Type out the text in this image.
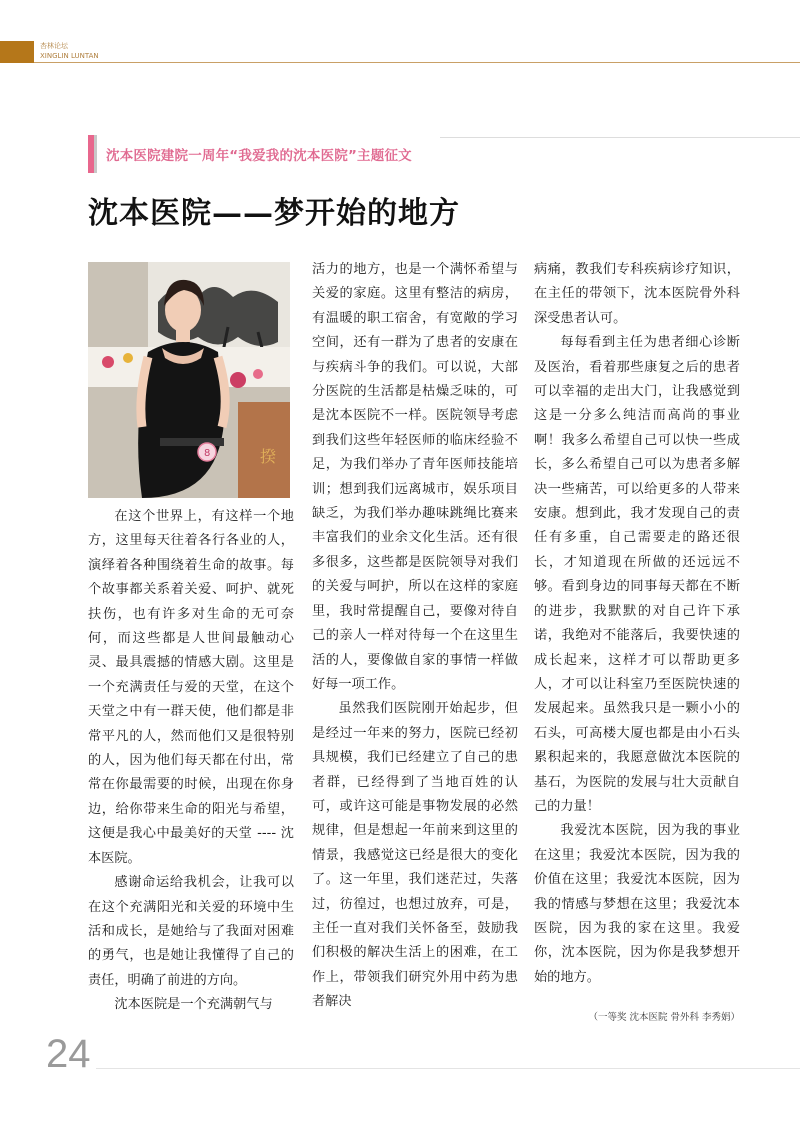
杏林论坛
XINGLIN LUNTAN
沈本医院建院一周年“我爱我的沈本医院”主题征文
沈本医院——梦开始的地方
揆
8

在这个世界上，有这样一个地方，这里每天往着各行各业的人，演绎着各种围绕着生命的故事。每个故事都关系着关爱、呵护、就死扶伤，也有许多对生命的无可奈何，而这些都是人世间最触动心灵、最具震撼的情感大剧。这里是一个充满责任与爱的天堂，在这个天堂之中有一群天使，他们都是非常平凡的人，然而他们又是很特别的人，因为他们每天都在付出，常常在你最需要的时候，出现在你身边，给你带来生命的阳光与希望，这便是我心中最美好的天堂 ---- 沈本医院。

感谢命运给我机会，让我可以在这个充满阳光和关爱的环境中生活和成长，是她给与了我面对困难的勇气，也是她让我懂得了自己的责任，明确了前进的方向。

沈本医院是一个充满朝气与

活力的地方，也是一个满怀希望与关爱的家庭。这里有整洁的病房，有温暖的职工宿舍，有宽敞的学习空间，还有一群为了患者的安康在与疾病斗争的我们。可以说，大部分医院的生活都是枯燥乏味的，可是沈本医院不一样。医院领导考虑到我们这些年轻医师的临床经验不足，为我们举办了青年医师技能培训；想到我们远离城市，娱乐项目缺乏，为我们举办趣味跳绳比赛来丰富我们的业余文化生活。还有很多很多，这些都是医院领导对我们的关爱与呵护，所以在这样的家庭里，我时常提醒自己，要像对待自己的亲人一样对待每一个在这里生活的人，要像做自家的事情一样做好每一项工作。

虽然我们医院刚开始起步，但是经过一年来的努力，医院已经初具规模，我们已经建立了自己的患者群，已经得到了当地百姓的认可，或许这可能是事物发展的必然规律，但是想起一年前来到这里的情景，我感觉这已经是很大的变化了。这一年里，我们迷茫过，失落过，彷徨过，也想过放弃，可是，主任一直对我们关怀备至，鼓励我们积极的解决生活上的困难，在工作上，带领我们研究外用中药为患者解决

病痛，教我们专科疾病诊疗知识，在主任的带领下，沈本医院骨外科深受患者认可。

每每看到主任为患者细心诊断及医治，看着那些康复之后的患者可以幸福的走出大门，让我感觉到这是一分多么纯洁而高尚的事业啊！我多么希望自己可以快一些成长，多么希望自己可以为患者多解决一些痛苦，可以给更多的人带来安康。想到此，我才发现自己的责任有多重，自己需要走的路还很长，才知道现在所做的还远远不够。看到身边的同事每天都在不断的进步，我默默的对自己许下承诺，我绝对不能落后，我要快速的成长起来，这样才可以帮助更多人，才可以让科室乃至医院快速的发展起来。虽然我只是一颗小小的石头，可高楼大厦也都是由小石头累积起来的，我愿意做沈本医院的基石，为医院的发展与壮大贡献自己的力量！

我爱沈本医院，因为我的事业在这里；我爱沈本医院，因为我的价值在这里；我爱沈本医院，因为我的情感与梦想在这里；我爱沈本医院，因为我的家在这里。我爱你，沈本医院，因为你是我梦想开始的地方。

（一等奖 沈本医院 骨外科 李秀娟）
24
